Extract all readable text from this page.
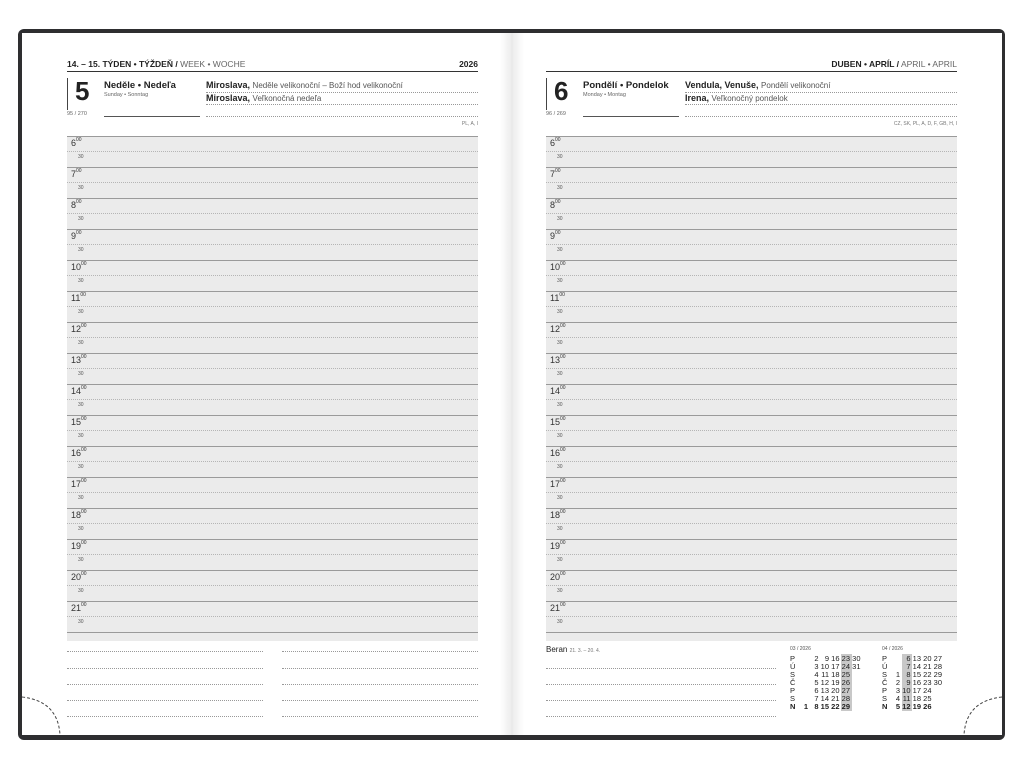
14. – 15. TÝDEN • TÝŽDEŇ / WEEK • WOCHE	2026
5
95 / 270
Neděle • Nedeľa
Sunday • Sonntag
Miroslava, Neděle velikonoční – Boží hod velikonoční
Miroslava, Veľkonočná nedeľa
PL, A, I
$6^{00}$
30
$7^{00}$
30
$8^{00}$
30
$9^{00}$
30
$10^{00}$
30
$11^{00}$
30
$12^{00}$
30
$13^{00}$
30
$14^{00}$
30
$15^{00}$
30
$16^{00}$
30
$17^{00}$
30
$18^{00}$
30
$19^{00}$
30
$20^{00}$
30
$21^{00}$
30
DUBEN • APRÍL / APRIL • APRIL
6
96 / 269
Pondělí • Pondelok
Monday • Montag
Vendula, Venuše, Pondělí velikonoční
Irena, Veľkonočný pondelok
CZ, SK, PL, A, D, F, GB, H, I
$6^{00}$
30
$7^{00}$
30
$8^{00}$
30
$9^{00}$
30
$10^{00}$
30
$11^{00}$
30
$12^{00}$
30
$13^{00}$
30
$14^{00}$
30
$15^{00}$
30
$16^{00}$
30
$17^{00}$
30
$18^{00}$
30
$19^{00}$
30
$20^{00}$
30
$21^{00}$
30
Beran 21. 3. – 20. 4.	03 / 2026
P	2 9 16 23 30
Ú	3 10 17 24 31
S	4 11 18 25
Č	5 12 19 26
P	6 13 20 27
S	7 14 21 28
N	1 8 15 22 29
04 / 2026
P	6 13 20 27
Ú	7 14 21 28
S	1 8 15 22 29
Č	2 9 16 23 30
P	3 10 17 24
S	4 11 18 25
N	5 12 19 26
